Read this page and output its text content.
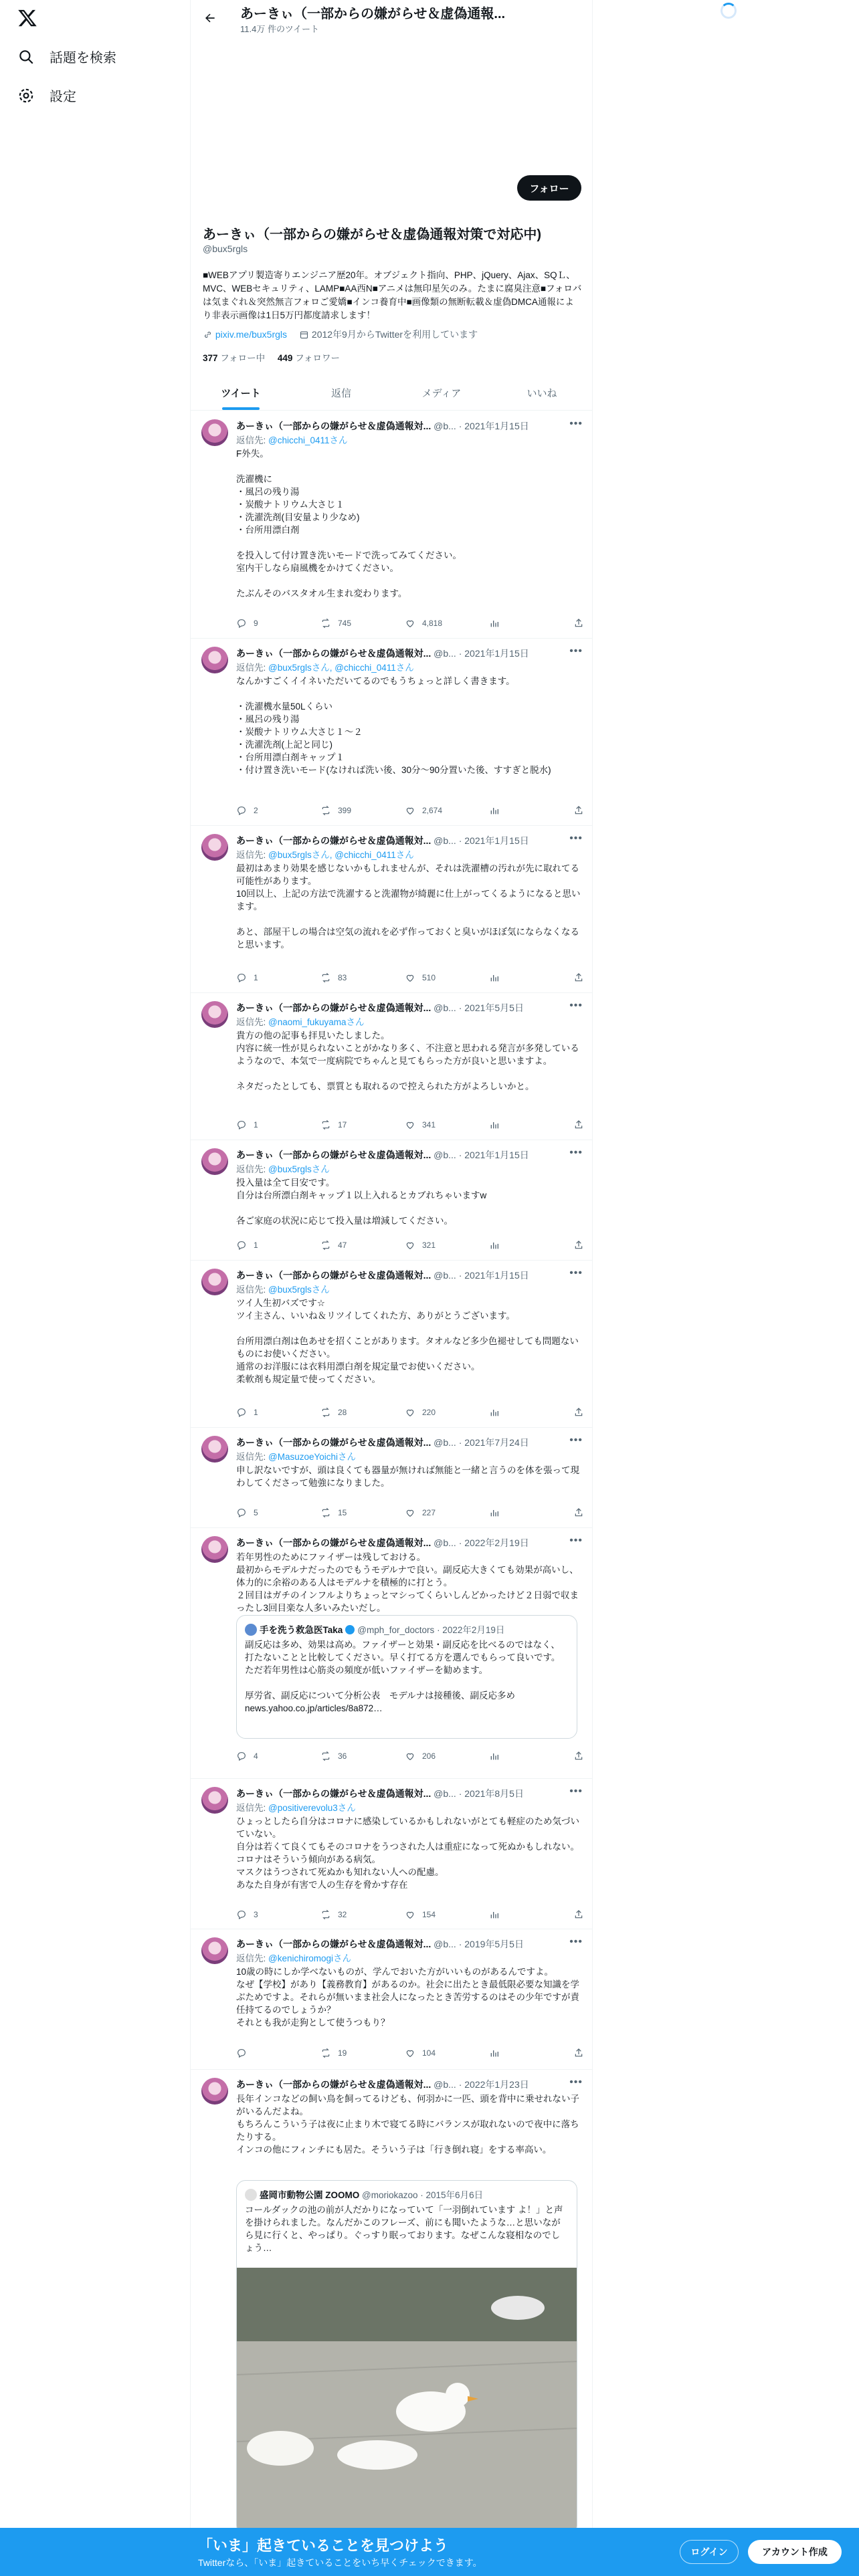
話題を検索
設定
あーきぃ（一部からの嫌がらせ＆虚偽通報...
11.4万 件のツイート
フォロー
あーきぃ（一部からの嫌がらせ＆虚偽通報対策で対応中)
@bux5rgls
■WEBアプリ製造寄りエンジニア歴20年。オブジェクト指向、PHP、jQuery、Ajax、SQＬ、MVC、WEBセキュリティ、LAMP■AA西N■アニメは無印星矢のみ。たまに腐臭注意■フォロバは気まぐれ＆突然無言フォロご愛嬌■インコ養育中■画像類の無断転載＆虚偽DMCA通報により非表示画像は1日5万円都度請求します！
pixiv.me/bux5rgls	2012年9月からTwitterを利用しています
377 フォロー中 449 フォロワー
ツイート	返信	メディア	いいね
あーきぃ（一部からの嫌がらせ＆虚偽通報対... @b... · 2021年1月15日	•••
返信先: @chicchi_0411さん
F外失。

洗濯機に
・風呂の残り湯
・炭酸ナトリウム大さじ１
・洗濯洗剤(目安量より少なめ)
・台所用漂白剤

を投入して付け置き洗いモードで洗ってみてください。
室内干しなら扇風機をかけてください。

たぶんそのバスタオル生まれ変わります。
9	745	4,818
あーきぃ（一部からの嫌がらせ＆虚偽通報対... @b... · 2021年1月15日	•••
返信先: @bux5rglsさん, @chicchi_0411さん
なんかすごくイイネいただいてるのでもうちょっと詳しく書きます。

・洗濯機水量50Lくらい
・風呂の残り湯
・炭酸ナトリウム大さじ１〜２
・洗濯洗剤(上記と同じ)
・台所用漂白剤キャップ１
・付け置き洗いモード(なければ洗い後、30分〜90分置いた後、すすぎと脱水)
2	399	2,674
あーきぃ（一部からの嫌がらせ＆虚偽通報対... @b... · 2021年1月15日	•••
返信先: @bux5rglsさん, @chicchi_0411さん
最初はあまり効果を感じないかもしれませんが、それは洗濯槽の汚れが先に取れてる可能性があります。
10回以上、上記の方法で洗濯すると洗濯物が綺麗に仕上がってくるようになると思います。

あと、部屋干しの場合は空気の流れを必ず作っておくと臭いがほぼ気にならなくなると思います。
1	83	510
あーきぃ（一部からの嫌がらせ＆虚偽通報対... @b... · 2021年5月5日	•••
返信先: @naomi_fukuyamaさん
貴方の他の記事も拝見いたしました。
内容に統一性が見られないことがかなり多く、不注意と思われる発言が多発しているようなので、本気で一度病院でちゃんと見てもらった方が良いと思いますよ。

ネタだったとしても、票質とも取れるので控えられた方がよろしいかと。
1	17	341
あーきぃ（一部からの嫌がらせ＆虚偽通報対... @b... · 2021年1月15日	•••
返信先: @bux5rglsさん
投入量は全て目安です。
自分は台所漂白剤キャップ１以上入れるとカブれちゃいますw

各ご家庭の状況に応じて投入量は増減してください。
1	47	321
あーきぃ（一部からの嫌がらせ＆虚偽通報対... @b... · 2021年1月15日	•••
返信先: @bux5rglsさん
ツイ人生初バズです☆
ツイ主さん、いいね＆リツイしてくれた方、ありがとうございます。

台所用漂白剤は色あせを招くことがあります。タオルなど多少色褪せしても問題ないものにお使いください。
通常のお洋服には衣料用漂白剤を規定量でお使いください。
柔軟剤も規定量で使ってください。
1	28	220
あーきぃ（一部からの嫌がらせ＆虚偽通報対... @b... · 2021年7月24日	•••
返信先: @MasuzoeYoichiさん
申し訳ないですが、頭は良くても器量が無ければ無能と一緒と言うのを体を張って現わしてくださって勉強になりました。
5	15	227
あーきぃ（一部からの嫌がらせ＆虚偽通報対... @b... · 2022年2月19日	•••
若年男性のためにファイザーは残しておける。
最初からモデルナだったのでもうモデルナで良い。副反応大きくても効果が高いし、体力的に余裕のある人はモデルナを積極的に打とう。
２回目はガチのインフルよりちょっとマシってくらいしんどかったけど２日弱で収まったし3回目楽な人多いみたいだし。
手を洗う救急医Taka @mph_for_doctors · 2022年2月19日
副反応は多め、効果は高め。ファイザーと効果・副反応を比べるのではなく、打たないことと比較してください。早く打てる方を選んでもらって良いです。ただ若年男性は心筋炎の頻度が低いファイザーを勧めます。

厚労省、副反応について分析公表　モデルナは接種後、副反応多め
news.yahoo.co.jp/articles/8a872…
4	36	206
あーきぃ（一部からの嫌がらせ＆虚偽通報対... @b... · 2021年8月5日	•••
返信先: @positiverevolu3さん
ひょっとしたら自分はコロナに感染しているかもしれないがとても軽症のため気づいていない。
自分は若くて良くてもそのコロナをうつされた人は重症になって死ぬかもしれない。コロナはそういう傾向がある病気。
マスクはうつされて死ぬかも知れない人への配慮。
あなた自身が有害で人の生存を脅かす存在
3	32	154
あーきぃ（一部からの嫌がらせ＆虚偽通報対... @b... · 2019年5月5日	•••
返信先: @kenichiromogiさん
10歳の時にしか学べないものが、学んでおいた方がいいものがあるんですよ。
なぜ【学校】があり【義務教育】があるのか。社会に出たとき最低限必要な知識を学ぶためですよ。それらが無いまま社会人になったとき苦労するのはその少年ですが責任持てるのでしょうか？
それとも我が走狗として使うつもり？
19	104
あーきぃ（一部からの嫌がらせ＆虚偽通報対... @b... · 2022年1月23日	•••
長年インコなどの飼い鳥を飼ってるけども、何羽かに一匹、頭を背中に乗せれない子がいるんだよね。
もちろんこういう子は夜に止まり木で寝てる時にバランスが取れないので夜中に落ちたりする。
インコの他にフィンチにも居た。そういう子は「行き倒れ寝」をする率高い。
盛岡市動物公園 ZOOMO @moriokazoo · 2015年6月6日
コールダックの池の前が人だかりになっていて「一羽倒れています よ！」と声を掛けられました。なんだかこのフレーズ、前にも聞いたような…と思いながら見に行くと、やっぱり。ぐっすり眠っております。なぜこんな寝相なのでしょう…
「いま」起きていることを見つけよう
Twitterなら、「いま」起きていることをいち早くチェックできます。
ログイン	アカウント作成
